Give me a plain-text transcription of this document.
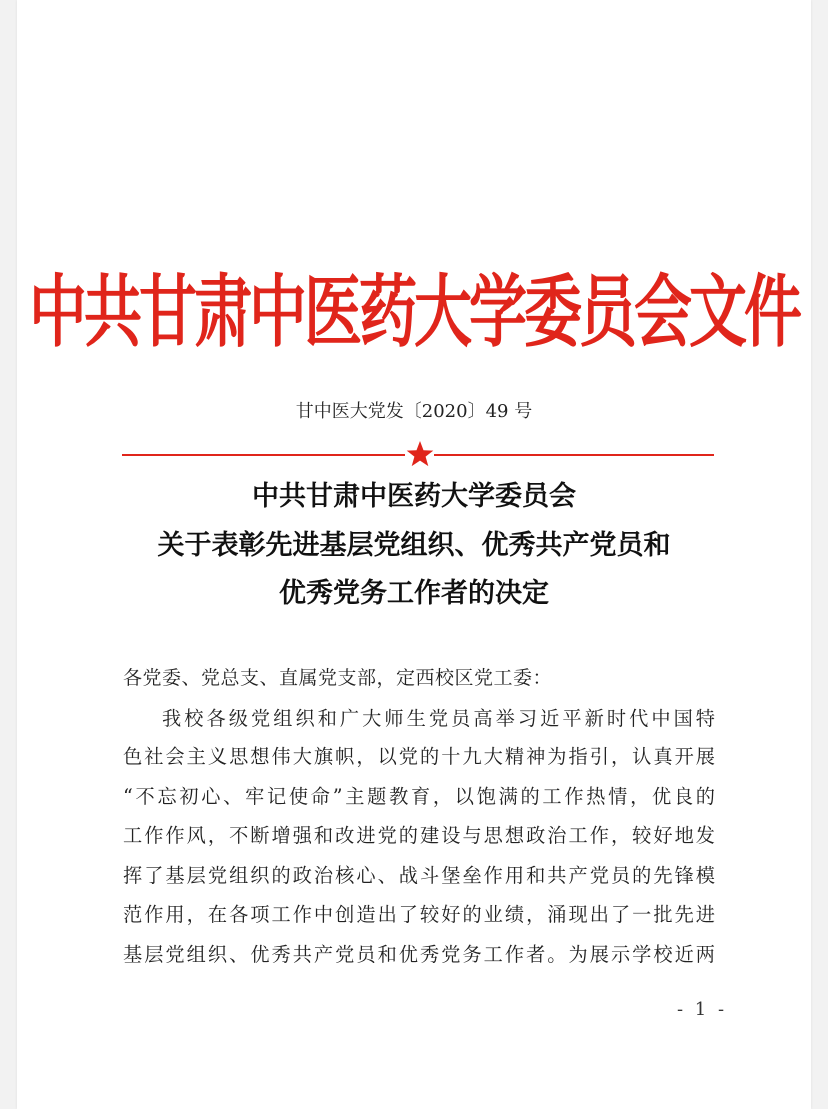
中共甘肃中医药大学委员会文件
甘中医大党发〔2020〕49 号
中共甘肃中医药大学委员会
关于表彰先进基层党组织、优秀共产党员和
优秀党务工作者的决定
各党委、党总支、直属党支部，定西校区党工委：
我校各级党组织和广大师生党员高举习近平新时代中国特
色社会主义思想伟大旗帜，以党的十九大精神为指引，认真开展
“不忘初心、牢记使命”主题教育，以饱满的工作热情，优良的
工作作风，不断增强和改进党的建设与思想政治工作，较好地发
挥了基层党组织的政治核心、战斗堡垒作用和共产党员的先锋模
范作用，在各项工作中创造出了较好的业绩，涌现出了一批先进
基层党组织、优秀共产党员和优秀党务工作者。为展示学校近两
- 1 -
